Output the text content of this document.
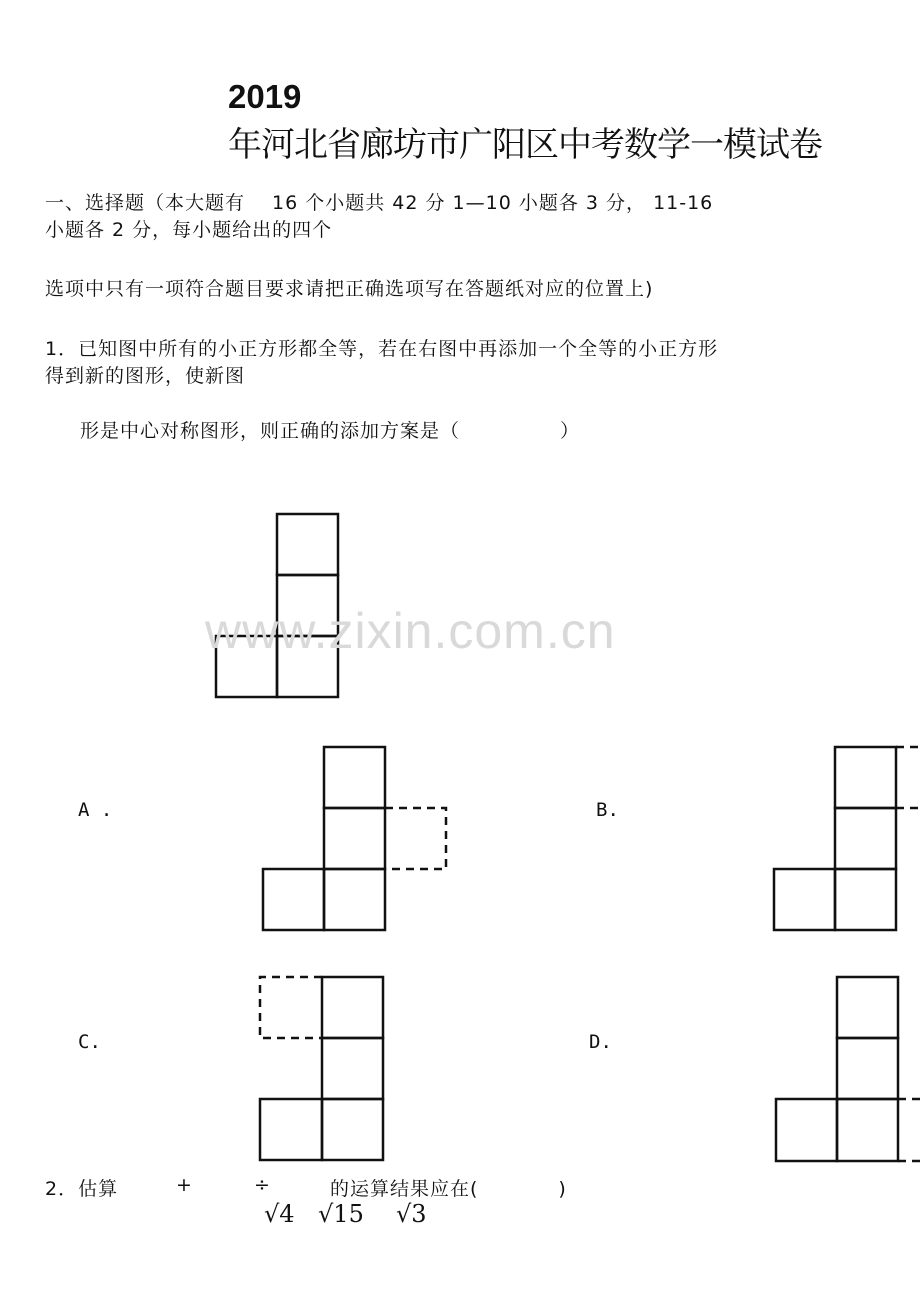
2019
年河北省廊坊市广阳区中考数学一模试卷
一、选择题（本大题有　 16 个小题共 42 分 1—10 小题各 3 分， 11-16
小题各 2 分，每小题给出的四个
选项中只有一项符合题目要求请把正确选项写在答题纸对应的位置上)
1．已知图中所有的小正方形都全等，若在右图中再添加一个全等的小正方形
得到新的图形，使新图
形是中心对称图形，则正确的添加方案是（　　　　　）
www.zixin.com.cn
A .	B.
C.	D.
2．估算	+	÷	的运算结果应在(　　　　)
√4 √15 √3
